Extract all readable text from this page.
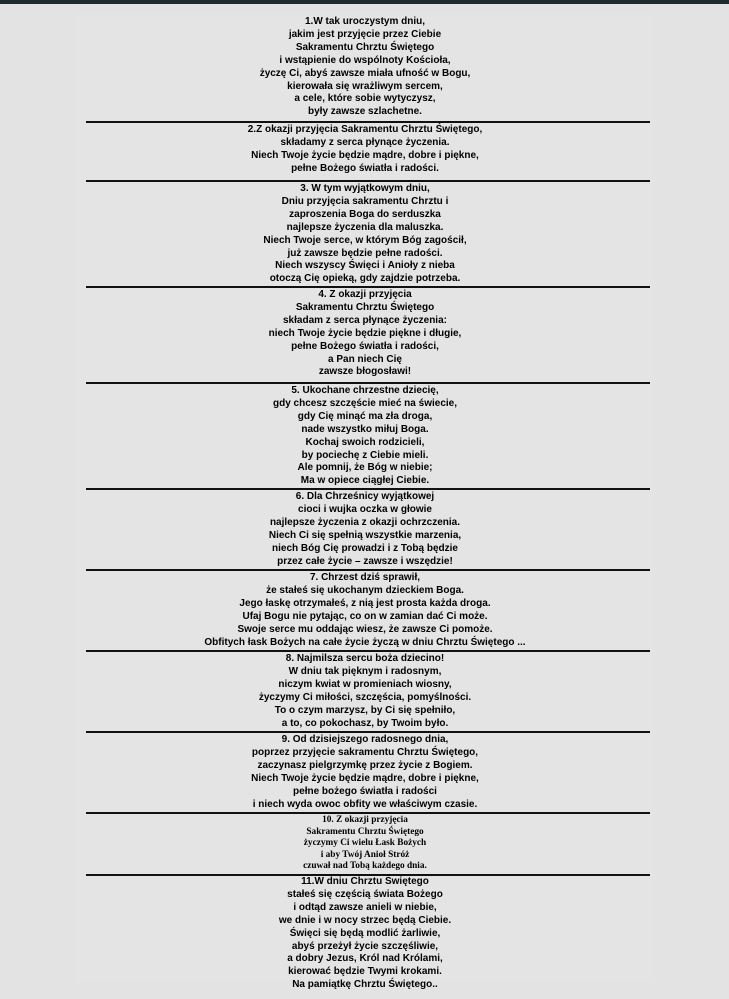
1.W tak uroczystym dniu,
jakim jest przyjęcie przez Ciebie
Sakramentu Chrztu Świętego
i wstąpienie do wspólnoty Kościoła,
życzę Ci, abyś zawsze miała ufność w Bogu,
kierowała się wrażliwym sercem,
a cele, które sobie wytyczysz,
były zawsze szlachetne.
2.Z okazji przyjęcia Sakramentu Chrztu Świętego,
składamy z serca płynące życzenia.
Niech Twoje życie będzie mądre, dobre i piękne,
pełne Bożego światła i radości.
3. W tym wyjątkowym dniu,
Dniu przyjęcia sakramentu Chrztu i
zaproszenia Boga do serduszka
najlepsze życzenia dla maluszka.
Niech Twoje serce, w którym Bóg zagościł,
już zawsze będzie pełne radości.
Niech wszyscy Święci i Anioły z nieba
otoczą Cię opieką, gdy zajdzie potrzeba.
4. Z okazji przyjęcia
Sakramentu Chrztu Świętego
składam z serca płynące życzenia:
niech Twoje życie będzie piękne i długie,
pełne Bożego światła i radości,
a Pan niech Cię
zawsze błogosławi!
5. Ukochane chrzestne dziecię,
gdy chcesz szczęście mieć na świecie,
gdy Cię minąć ma zła droga,
nade wszystko miłuj Boga.
Kochaj swoich rodzicieli,
by pociechę z Ciebie mieli.
Ale pomnij, że Bóg w niebie;
Ma w opiece ciągłej Ciebie.
6. Dla Chrześnicy wyjątkowej
cioci i wujka oczka w głowie
najlepsze życzenia z okazji ochrzczenia.
Niech Ci się spełnią wszystkie marzenia,
niech Bóg Cię prowadzi i z Tobą będzie
przez całe życie – zawsze i wszędzie!
7. Chrzest dziś sprawił,
że stałeś się ukochanym dzieckiem Boga.
Jego łaskę otrzymałeś, z nią jest prosta każda droga.
Ufaj Bogu nie pytając, co on w zamian dać Ci może.
Swoje serce mu oddając wiesz, że zawsze Ci pomoże.
Obfitych łask Bożych na całe życie życzą w dniu Chrztu Świętego ...
8. Najmilsza sercu boża dziecino!
W dniu tak pięknym i radosnym,
niczym kwiat w promieniach wiosny,
życzymy Ci miłości, szczęścia, pomyślności.
To o czym marzysz, by Ci się spełniło,
a to, co pokochasz, by Twoim było.
9. Od dzisiejszego radosnego dnia,
poprzez przyjęcie sakramentu Chrztu Świętego,
zaczynasz pielgrzymkę przez życie z Bogiem.
Niech Twoje życie będzie mądre, dobre i piękne,
pełne bożego światła i radości
i niech wyda owoc obfity we właściwym czasie.
10. Z okazji przyjęcia
Sakramentu Chrztu Świętego
życzymy Ci wielu Łask Bożych
i aby Twój Anioł Stróż
czuwał nad Tobą każdego dnia.
11.W dniu Chrztu Świętego
stałeś się częścią świata Bożego
i odtąd zawsze anieli w niebie,
we dnie i w nocy strzec będą Ciebie.
Święci się będą modlić żarliwie,
abyś przeżył życie szczęśliwie,
a dobry Jezus, Król nad Królami,
kierować będzie Twymi krokami.
Na pamiątkę Chrztu Świętego..
